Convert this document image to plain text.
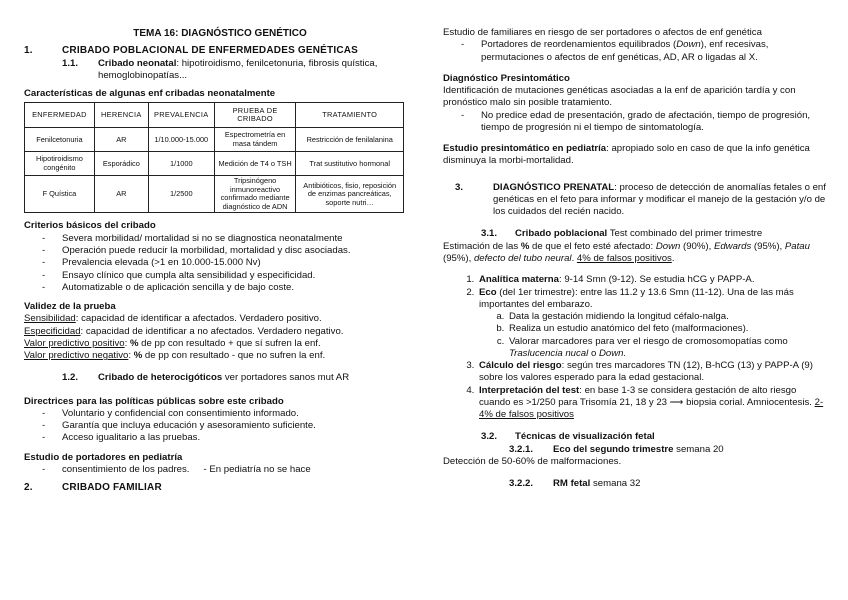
TEMA 16: DIAGNÓSTICO GENÉTICO
1.	CRIBADO POBLACIONAL DE ENFERMEDADES GENÉTICAS
1.1.	Cribado neonatal: hipotiroidismo, fenilcetonuria, fibrosis quística, hemoglobinopatías...
Características de algunas enf cribadas neonatalmente
ENFERMEDAD	HERENCIA	PREVALENCIA	PRUEBA DE CRIBADO	TRATAMIENTO
Fenilcetonuria	AR	1/10.000-15.000	Espectrometría en masa tándem	Restricción de fenilalanina
Hipotiroidismo congénito	Esporádico	1/1000	Medición de T4 o TSH	Trat sustitutivo hormonal
F Quística	AR	1/2500	Tripsinógeno inmunoreactivo confirmado mediante diagnóstico de ADN	Antibióticos, fisio, reposición de enzimas pancreáticas, soporte nutri…
Criterios básicos del cribado
- Severa morbilidad/ mortalidad si no se diagnostica neonatalmente
- Operación puede reducir la morbilidad, mortalidad y disc asociadas.
- Prevalencia elevada (>1 en 10.000-15.000 Nv)
- Ensayo clínico que cumpla alta sensibilidad y especificidad.
- Automatizable o de aplicación sencilla y de bajo coste.
Validez de la prueba
Sensibilidad: capacidad de identificar a afectados. Verdadero positivo.
Especificidad: capacidad de identificar a no afectados. Verdadero negativo.
Valor predictivo positivo: % de pp con resultado + que sí sufren la enf.
Valor predictivo negativo: % de pp con resultado - que no sufren la enf.
1.2.	Cribado de heterocigóticos ver portadores sanos mut AR
Directrices para las políticas públicas sobre este cribado
- Voluntario y confidencial con consentimiento informado.
- Garantía que incluya educación y asesoramiento suficiente.
- Acceso igualitario a las pruebas.
Estudio de portadores en pediatría
- consentimiento de los padres. - En pediatría no se hace
2.	CRIBADO FAMILIAR
Estudio de familiares en riesgo de ser portadores o afectos de enf genética
- Portadores de reordenamientos equilibrados (Down), enf recesivas, permutaciones o afectos de enf genéticas, AD, AR o ligadas al X.
Diagnóstico Presintomático
Identificación de mutaciones genéticas asociadas a la enf de aparición tardía y con pronóstico malo sin posible tratamiento.
- No predice edad de presentación, grado de afectación, tiempo de progresión, tiempo de progresión ni el tiempo de sintomatología.
Estudio presintomático en pediatría: apropiado solo en caso de que la info genética disminuya la morbi-mortalidad.
3.	DIAGNÓSTICO PRENATAL: proceso de detección de anomalías fetales o enf genéticas en el feto para informar y modificar el manejo de la gestación y/o de los cuidados del recién nacido.
3.1.	Cribado poblacional Test combinado del primer trimestre
Estimación de las % de que el feto esté afectado: Down (90%), Edwards (95%), Patau (95%), defecto del tubo neural. 4% de falsos positivos.
1. Analítica materna: 9-14 Smn (9-12). Se estudia hCG y PAPP-A.
2. Eco (del 1er trimestre): entre las 11.2 y 13.6 Smn (11-12). Una de las más importantes del embarazo.
a. Data la gestación midiendo la longitud céfalo-nalga.
b. Realiza un estudio anatómico del feto (malformaciones).
c. Valorar marcadores para ver el riesgo de cromosomopatías como Traslucencia nucal o Down.
3. Cálculo del riesgo: según tres marcadores TN (12), B-hCG (13) y PAPP-A (9) sobre los valores esperado para la edad gestacional.
4. Interpretación del test: en base 1-3 se considera gestación de alto riesgo cuando es >1/250 para Trisomía 21, 18 y 23 ⟶ biopsia corial. Amniocentesis. 2-4% de falsos positivos
3.2.	Técnicas de visualización fetal
3.2.1.	Eco del segundo trimestre semana 20
Detección de 50-60% de malformaciones.
3.2.2.	RM fetal semana 32
